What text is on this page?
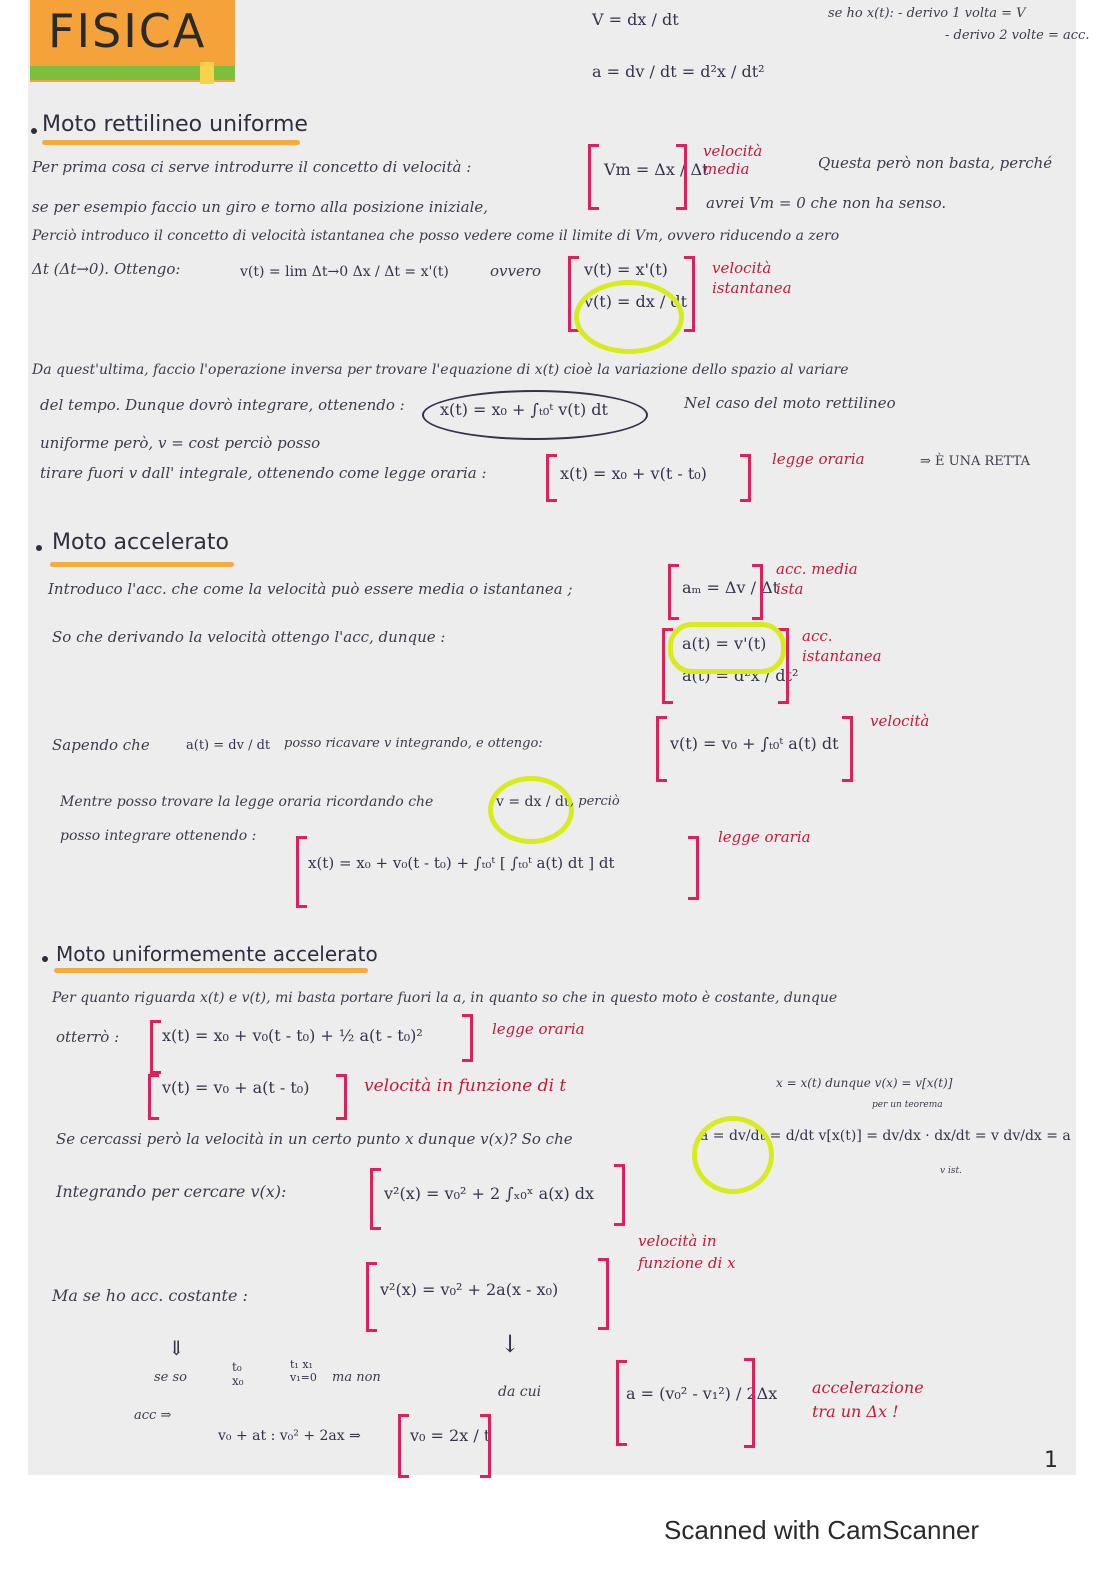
FISICA	V = dx / dt
a = dv / dt = d²x / dt²
se ho x(t): - derivo 1 volta = V
- derivo 2 volte = acc.
Moto rettilineo uniforme
Per prima cosa ci serve introdurre il concetto di velocità :	Vm = Δx / Δt
velocità media	Questa però non basta, perché
se per esempio faccio un giro e torno alla posizione iniziale,	avrei Vm = 0 che non ha senso.
Perciò introduco il concetto di velocità istantanea che posso vedere come il limite di Vm, ovvero riducendo a zero
Δt (Δt→0). Ottengo:	v(t) = lim Δt→0 Δx / Δt = x'(t)	ovvero	v(t) = x'(t)
v(t) = dx / dt
velocità istantanea
Da quest'ultima, faccio l'operazione inversa per trovare l'equazione di x(t) cioè la variazione dello spazio al variare
del tempo. Dunque dovrò integrare, ottenendo : x(t) = x₀ + ∫ₜ₀ᵗ v(t) dt	Nel caso del moto rettilineo
uniforme però, v = cost perciò posso
tirare fuori v dall' integrale, ottenendo come legge oraria :	x(t) = x₀ + v(t - t₀)
legge oraria	⇒ È UNA RETTA
Moto accelerato
Introduco l'acc. che come la velocità può essere media o istantanea ;	aₘ = Δv / Δt
acc. media
ista
So che derivando la velocità ottengo l'acc, dunque :	a(t) = v'(t)
a(t) = d²x / dt²
acc. istantanea
Sapendo che	a(t) = dv / dt posso ricavare v integrando, e ottengo:	v(t) = v₀ + ∫ₜ₀ᵗ a(t) dt
velocità
Mentre posso trovare la legge oraria ricordando che	v = dx / dt , perciò
posso integrare ottenendo :
x(t) = x₀ + v₀(t - t₀) + ∫ₜ₀ᵗ [ ∫ₜ₀ᵗ a(t) dt ] dt
legge oraria
Moto uniformemente accelerato
Per quanto riguarda x(t) e v(t), mi basta portare fuori la a, in quanto so che in questo moto è costante, dunque
otterrò :	x(t) = x₀ + v₀(t - t₀) + ½ a(t - t₀)²	legge oraria
v(t) = v₀ + a(t - t₀)	velocità in funzione di t	x = x(t) dunque v(x) = v[x(t)]
per un teorema
Se cercassi però la velocità in un certo punto x dunque v(x)? So che	a = dv/dt = d/dt v[x(t)] = dv/dx · dx/dt = v dv/dx = a
v ist.
Integrando per cercare v(x):	v²(x) = v₀² + 2 ∫ₓ₀ˣ a(x) dx
velocità in funzione di x
Ma se ho acc. costante :	v²(x) = v₀² + 2a(x - x₀)
⇓	↓
se so
t₀ x₀
t₁ x₁ v₁=0 ma non
acc ⇒
v₀ + at : v₀² + 2ax ⇒	v₀ = 2x / t
da cui	a = (v₀² - v₁²) / 2Δx accelerazione tra un Δx !
1
Scanned with CamScanner
